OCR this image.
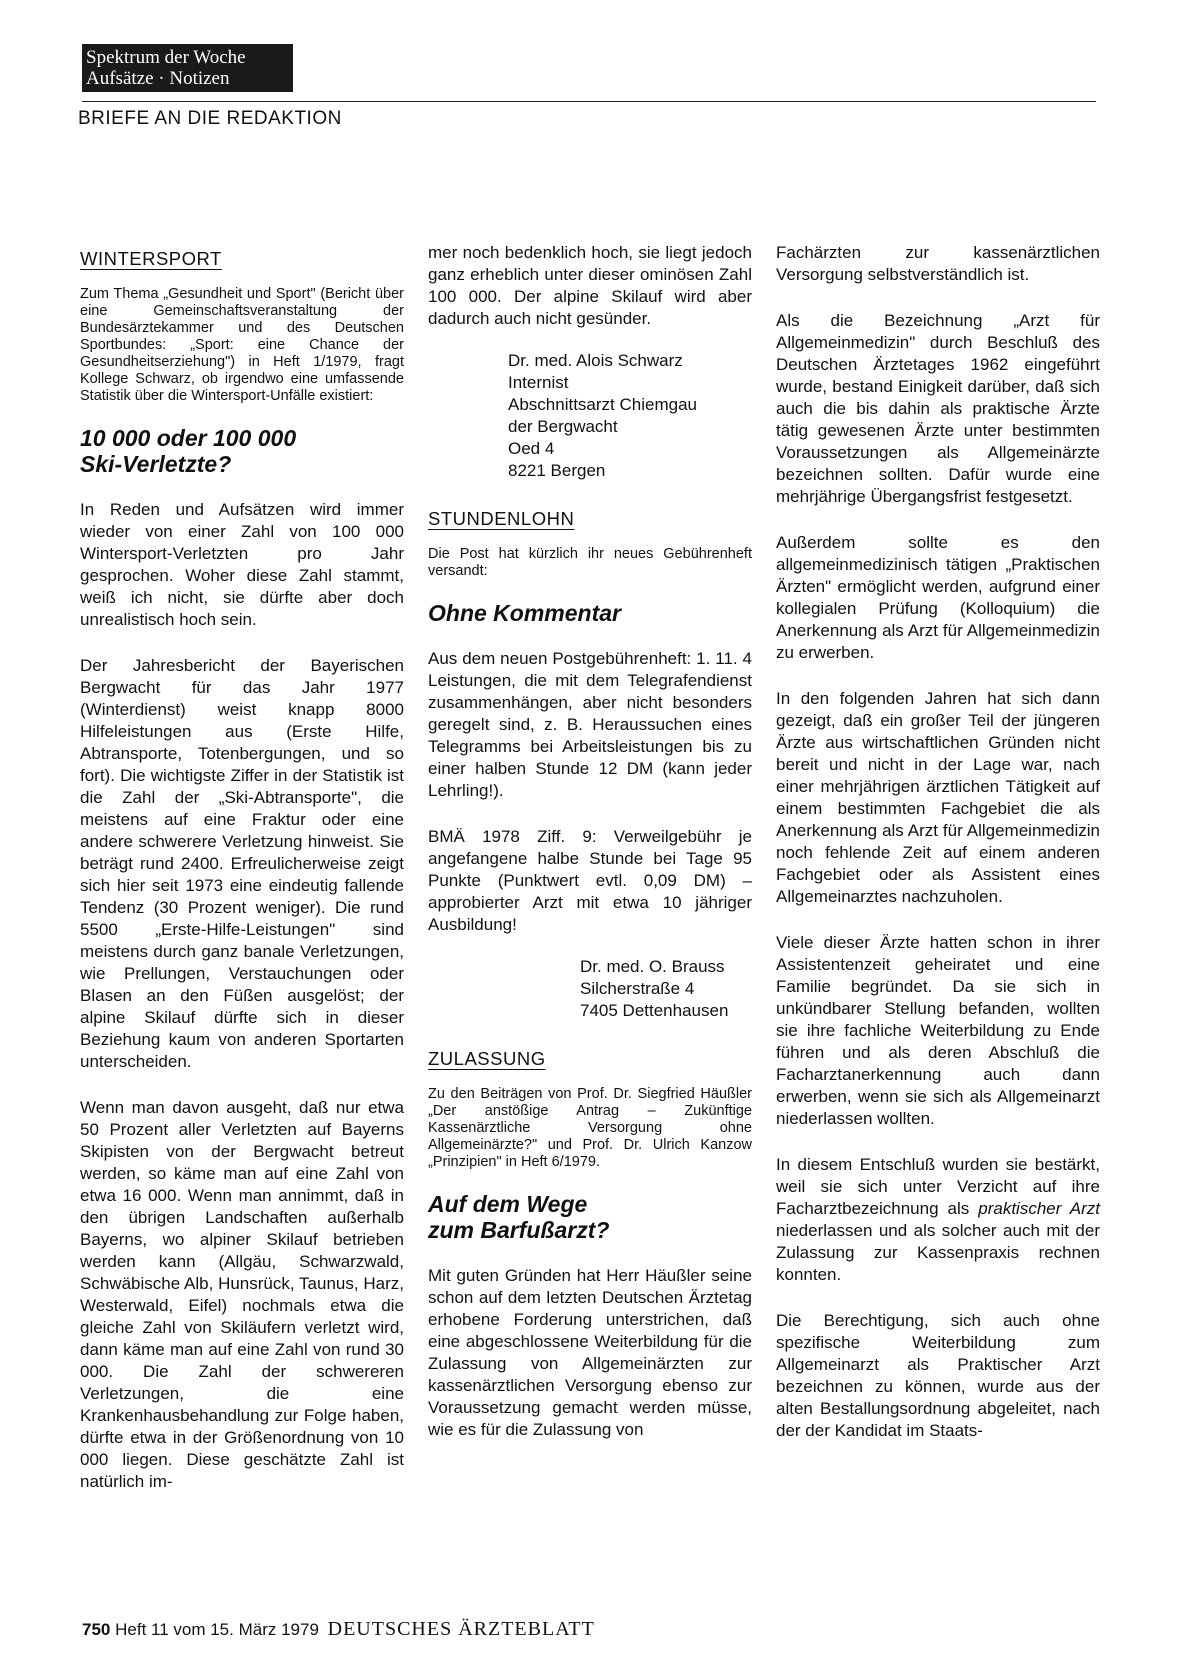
Spektrum der Woche
Aufsätze · Notizen
BRIEFE AN DIE REDAKTION
WINTERSPORT

Zum Thema „Gesundheit und Sport" (Bericht über eine Gemeinschaftsveranstaltung der Bundesärztekammer und des Deutschen Sportbundes: „Sport: eine Chance der Gesundheitserziehung") in Heft 1/1979, fragt Kollege Schwarz, ob irgendwo eine umfassende Statistik über die Wintersport-Unfälle existiert:

10 000 oder 100 000
Ski-Verletzte?

In Reden und Aufsätzen wird immer wieder von einer Zahl von 100 000 Wintersport-Verletzten pro Jahr gesprochen. Woher diese Zahl stammt, weiß ich nicht, sie dürfte aber doch unrealistisch hoch sein.

Der Jahresbericht der Bayerischen Bergwacht für das Jahr 1977 (Winterdienst) weist knapp 8000 Hilfeleistungen aus (Erste Hilfe, Abtransporte, Totenbergungen, und so fort). Die wichtigste Ziffer in der Statistik ist die Zahl der „Ski-Abtransporte", die meistens auf eine Fraktur oder eine andere schwerere Verletzung hinweist. Sie beträgt rund 2400. Erfreulicherweise zeigt sich hier seit 1973 eine eindeutig fallende Tendenz (30 Prozent weniger). Die rund 5500 „Erste-Hilfe-Leistungen" sind meistens durch ganz banale Verletzungen, wie Prellungen, Verstauchungen oder Blasen an den Füßen ausgelöst; der alpine Skilauf dürfte sich in dieser Beziehung kaum von anderen Sportarten unterscheiden.

Wenn man davon ausgeht, daß nur etwa 50 Prozent aller Verletzten auf Bayerns Skipisten von der Bergwacht betreut werden, so käme man auf eine Zahl von etwa 16 000. Wenn man annimmt, daß in den übrigen Landschaften außerhalb Bayerns, wo alpiner Skilauf betrieben werden kann (Allgäu, Schwarzwald, Schwäbische Alb, Hunsrück, Taunus, Harz, Westerwald, Eifel) nochmals etwa die gleiche Zahl von Skiläufern verletzt wird, dann käme man auf eine Zahl von rund 30 000. Die Zahl der schwereren Verletzungen, die eine Krankenhausbehandlung zur Folge haben, dürfte etwa in der Größenordnung von 10 000 liegen. Diese geschätzte Zahl ist natürlich im-

mer noch bedenklich hoch, sie liegt jedoch ganz erheblich unter dieser ominösen Zahl 100 000. Der alpine Skilauf wird aber dadurch auch nicht gesünder.

Dr. med. Alois Schwarz
Internist
Abschnittsarzt Chiemgau
der Bergwacht
Oed 4
8221 Bergen
STUNDENLOHN

Die Post hat kürzlich ihr neues Gebührenheft versandt:

Ohne Kommentar

Aus dem neuen Postgebührenheft: 1. 11. 4 Leistungen, die mit dem Telegrafendienst zusammenhängen, aber nicht besonders geregelt sind, z. B. Heraussuchen eines Telegramms bei Arbeitsleistungen bis zu einer halben Stunde 12 DM (kann jeder Lehrling!).

BMÄ 1978 Ziff. 9: Verweilgebühr je angefangene halbe Stunde bei Tage 95 Punkte (Punktwert evtl. 0,09 DM) – approbierter Arzt mit etwa 10 jähriger Ausbildung!

Dr. med. O. Brauss
Silcherstraße 4
7405 Dettenhausen
ZULASSUNG

Zu den Beiträgen von Prof. Dr. Siegfried Häußler „Der anstößige Antrag – Zukünftige Kassenärztliche Versorgung ohne Allgemeinärzte?" und Prof. Dr. Ulrich Kanzow „Prinzipien" in Heft 6/1979.

Auf dem Wege
zum Barfußarzt?

Mit guten Gründen hat Herr Häußler seine schon auf dem letzten Deutschen Ärztetag erhobene Forderung unterstrichen, daß eine abgeschlossene Weiterbildung für die Zulassung von Allgemeinärzten zur kassenärztlichen Versorgung ebenso zur Voraussetzung gemacht werden müsse, wie es für die Zulassung von

Fachärzten zur kassenärztlichen Versorgung selbstverständlich ist.

Als die Bezeichnung „Arzt für Allgemeinmedizin" durch Beschluß des Deutschen Ärztetages 1962 eingeführt wurde, bestand Einigkeit darüber, daß sich auch die bis dahin als praktische Ärzte tätig gewesenen Ärzte unter bestimmten Voraussetzungen als Allgemeinärzte bezeichnen sollten. Dafür wurde eine mehrjährige Übergangsfrist festgesetzt.

Außerdem sollte es den allgemeinmedizinisch tätigen „Praktischen Ärzten" ermöglicht werden, aufgrund einer kollegialen Prüfung (Kolloquium) die Anerkennung als Arzt für Allgemeinmedizin zu erwerben.

In den folgenden Jahren hat sich dann gezeigt, daß ein großer Teil der jüngeren Ärzte aus wirtschaftlichen Gründen nicht bereit und nicht in der Lage war, nach einer mehrjährigen ärztlichen Tätigkeit auf einem bestimmten Fachgebiet die als Anerkennung als Arzt für Allgemeinmedizin noch fehlende Zeit auf einem anderen Fachgebiet oder als Assistent eines Allgemeinarztes nachzuholen.

Viele dieser Ärzte hatten schon in ihrer Assistentenzeit geheiratet und eine Familie begründet. Da sie sich in unkündbarer Stellung befanden, wollten sie ihre fachliche Weiterbildung zu Ende führen und als deren Abschluß die Facharztanerkennung auch dann erwerben, wenn sie sich als Allgemeinarzt niederlassen wollten.

In diesem Entschluß wurden sie bestärkt, weil sie sich unter Verzicht auf ihre Facharztbezeichnung als praktischer Arzt niederlassen und als solcher auch mit der Zulassung zur Kassenpraxis rechnen konnten.

Die Berechtigung, sich auch ohne spezifische Weiterbildung zum Allgemeinarzt als Praktischer Arzt bezeichnen zu können, wurde aus der alten Bestallungsordnung abgeleitet, nach der der Kandidat im Staats-

750 Heft 11 vom 15. März 1979 DEUTSCHES ÄRZTEBLATT
